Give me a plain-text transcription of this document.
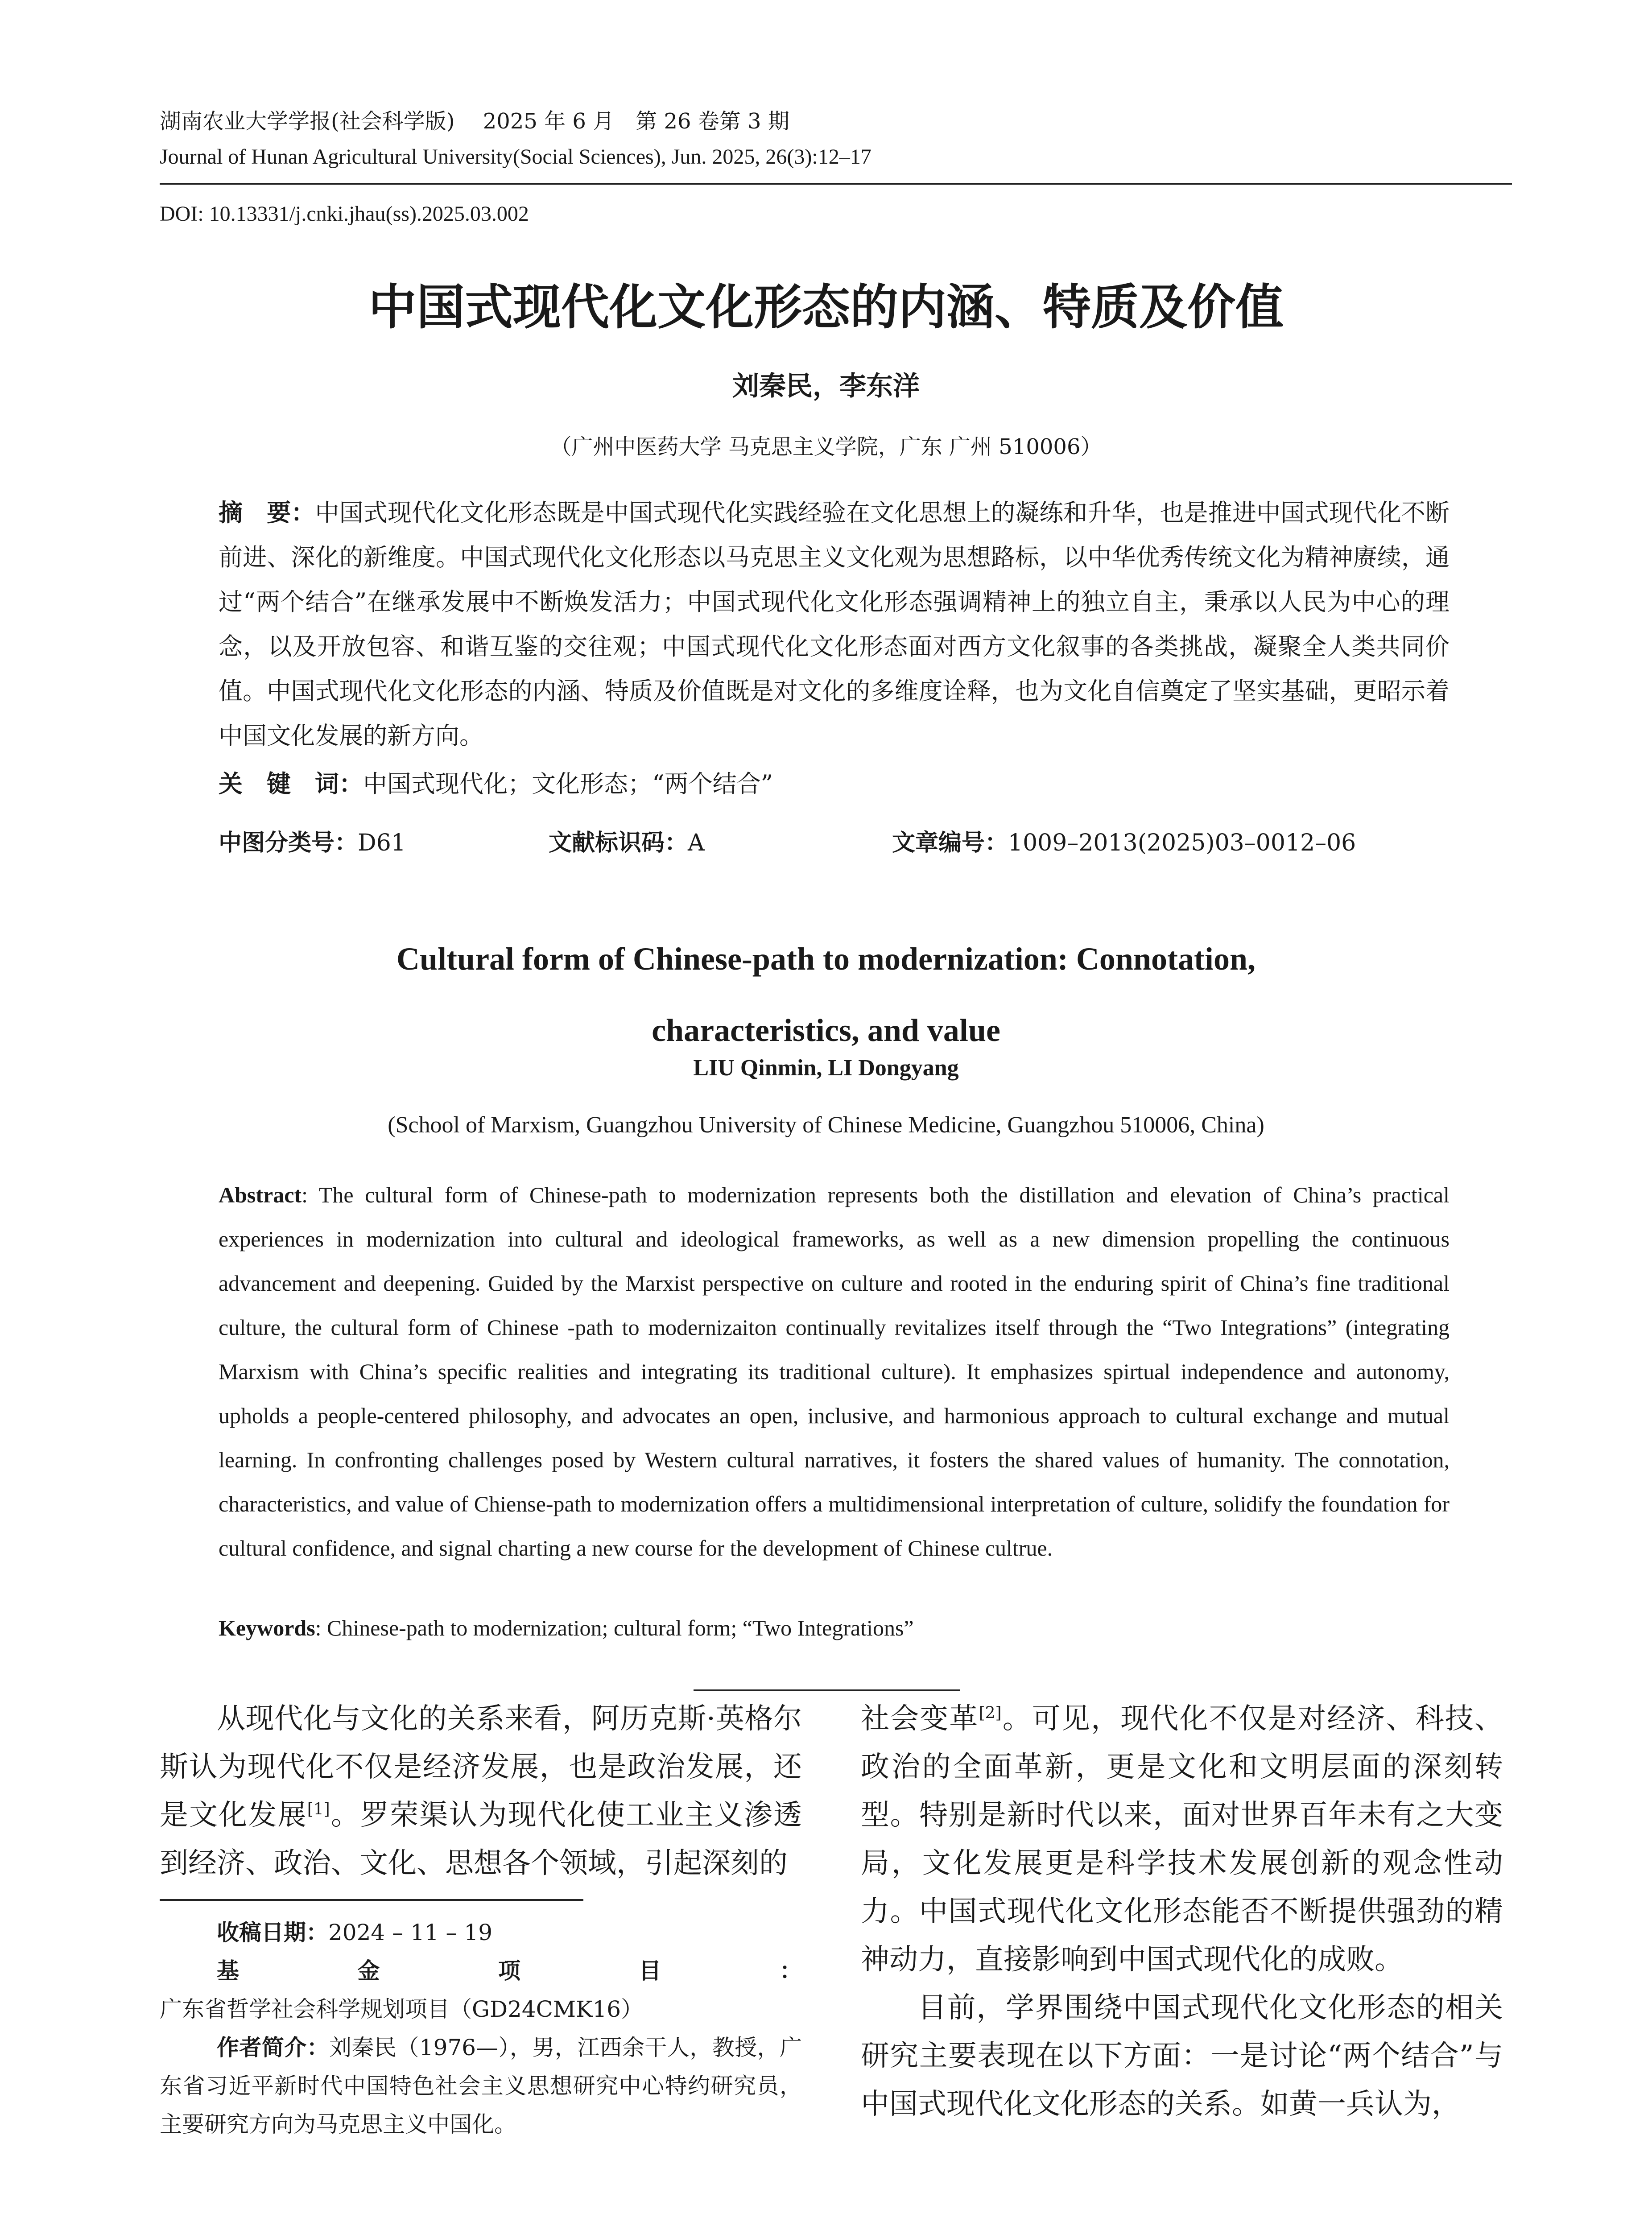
湖南农业大学学报(社会科学版)　 2025 年 6 月　第 26 卷第 3 期
Journal of Hunan Agricultural University(Social Sciences), Jun. 2025, 26(3):12–17
DOI: 10.13331/j.cnki.jhau(ss).2025.03.002
中国式现代化文化形态的内涵、特质及价值
刘秦民，李东洋
（广州中医药大学 马克思主义学院，广东 广州 510006）
摘　要：中国式现代化文化形态既是中国式现代化实践经验在文化思想上的凝练和升华，也是推进中国式现代化不断前进、深化的新维度。中国式现代化文化形态以马克思主义文化观为思想路标，以中华优秀传统文化为精神赓续，通过“两个结合”在继承发展中不断焕发活力；中国式现代化文化形态强调精神上的独立自主，秉承以人民为中心的理念，以及开放包容、和谐互鉴的交往观；中国式现代化文化形态面对西方文化叙事的各类挑战，凝聚全人类共同价值。中国式现代化文化形态的内涵、特质及价值既是对文化的多维度诠释，也为文化自信奠定了坚实基础，更昭示着中国文化发展的新方向。
关　键　词：中国式现代化；文化形态；“两个结合”
中图分类号：D61	文献标识码：A	文章编号：1009–2013(2025)03–0012–06
Cultural form of Chinese-path to modernization: Connotation,
characteristics, and value
LIU Qinmin, LI Dongyang
(School of Marxism, Guangzhou University of Chinese Medicine, Guangzhou 510006, China)
Abstract: The cultural form of Chinese-path to modernization represents both the distillation and elevation of China’s practical experiences in modernization into cultural and ideological frameworks, as well as a new dimension propelling the continuous advancement and deepening. Guided by the Marxist perspective on culture and rooted in the enduring spirit of China’s fine traditional culture, the cultural form of Chinese -path to modernizaiton continually revitalizes itself through the “Two Integrations” (integrating Marxism with China’s specific realities and integrating its traditional culture). It emphasizes spirtual independence and autonomy, upholds a people-centered philosophy, and advocates an open, inclusive, and harmonious approach to cultural exchange and mutual learning. In confronting challenges posed by Western cultural narratives, it fosters the shared values of humanity. The connotation, characteristics, and value of Chiense-path to modernization offers a multidimensional interpretation of culture, solidify the foundation for cultural confidence, and signal charting a new course for the development of Chinese cultrue.
Keywords: Chinese-path to modernization; cultural form; “Two Integrations”

从现代化与文化的关系来看，阿历克斯·英格尔斯认为现代化不仅是经济发展，也是政治发展，还是文化发展[1]。罗荣渠认为现代化使工业主义渗透到经济、政治、文化、思想各个领域，引起深刻的

收稿日期：2024 – 11 – 19

基金项目：广东省哲学社会科学规划项目（GD24CMK16）

作者简介：刘秦民（1976—），男，江西余干人，教授，广东省习近平新时代中国特色社会主义思想研究中心特约研究员，主要研究方向为马克思主义中国化。

社会变革[2]。可见，现代化不仅是对经济、科技、政治的全面革新，更是文化和文明层面的深刻转型。特别是新时代以来，面对世界百年未有之大变局，文化发展更是科学技术发展创新的观念性动力。中国式现代化文化形态能否不断提供强劲的精神动力，直接影响到中国式现代化的成败。

目前，学界围绕中国式现代化文化形态的相关研究主要表现在以下方面：一是讨论“两个结合”与中国式现代化文化形态的关系。如黄一兵认为，
